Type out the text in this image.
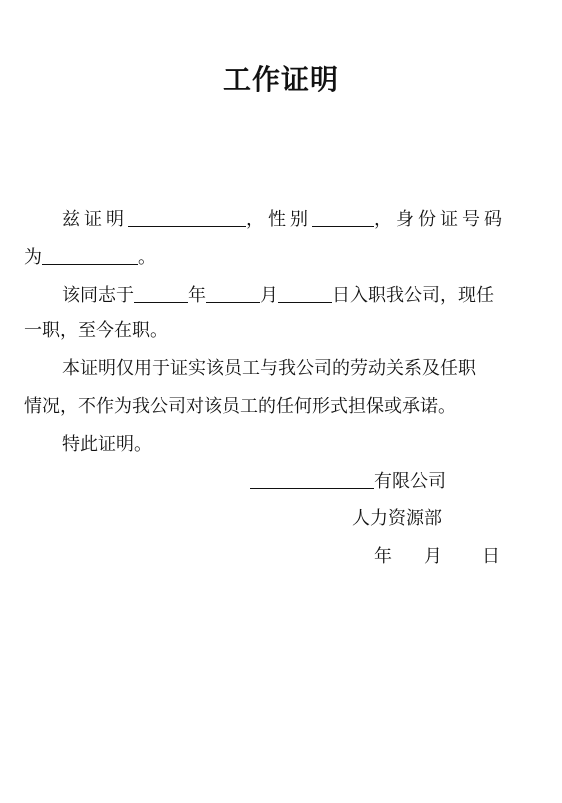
工作证明
兹证明	，性别	，身份证号码
为	。
该同志于	年	月	日入职我公司，现任
一职，至今在职。
本证明仅用于证实该员工与我公司的劳动关系及任职
情况，不作为我公司对该员工的任何形式担保或承诺。
特此证明。
有限公司
人力资源部
年 月 日
